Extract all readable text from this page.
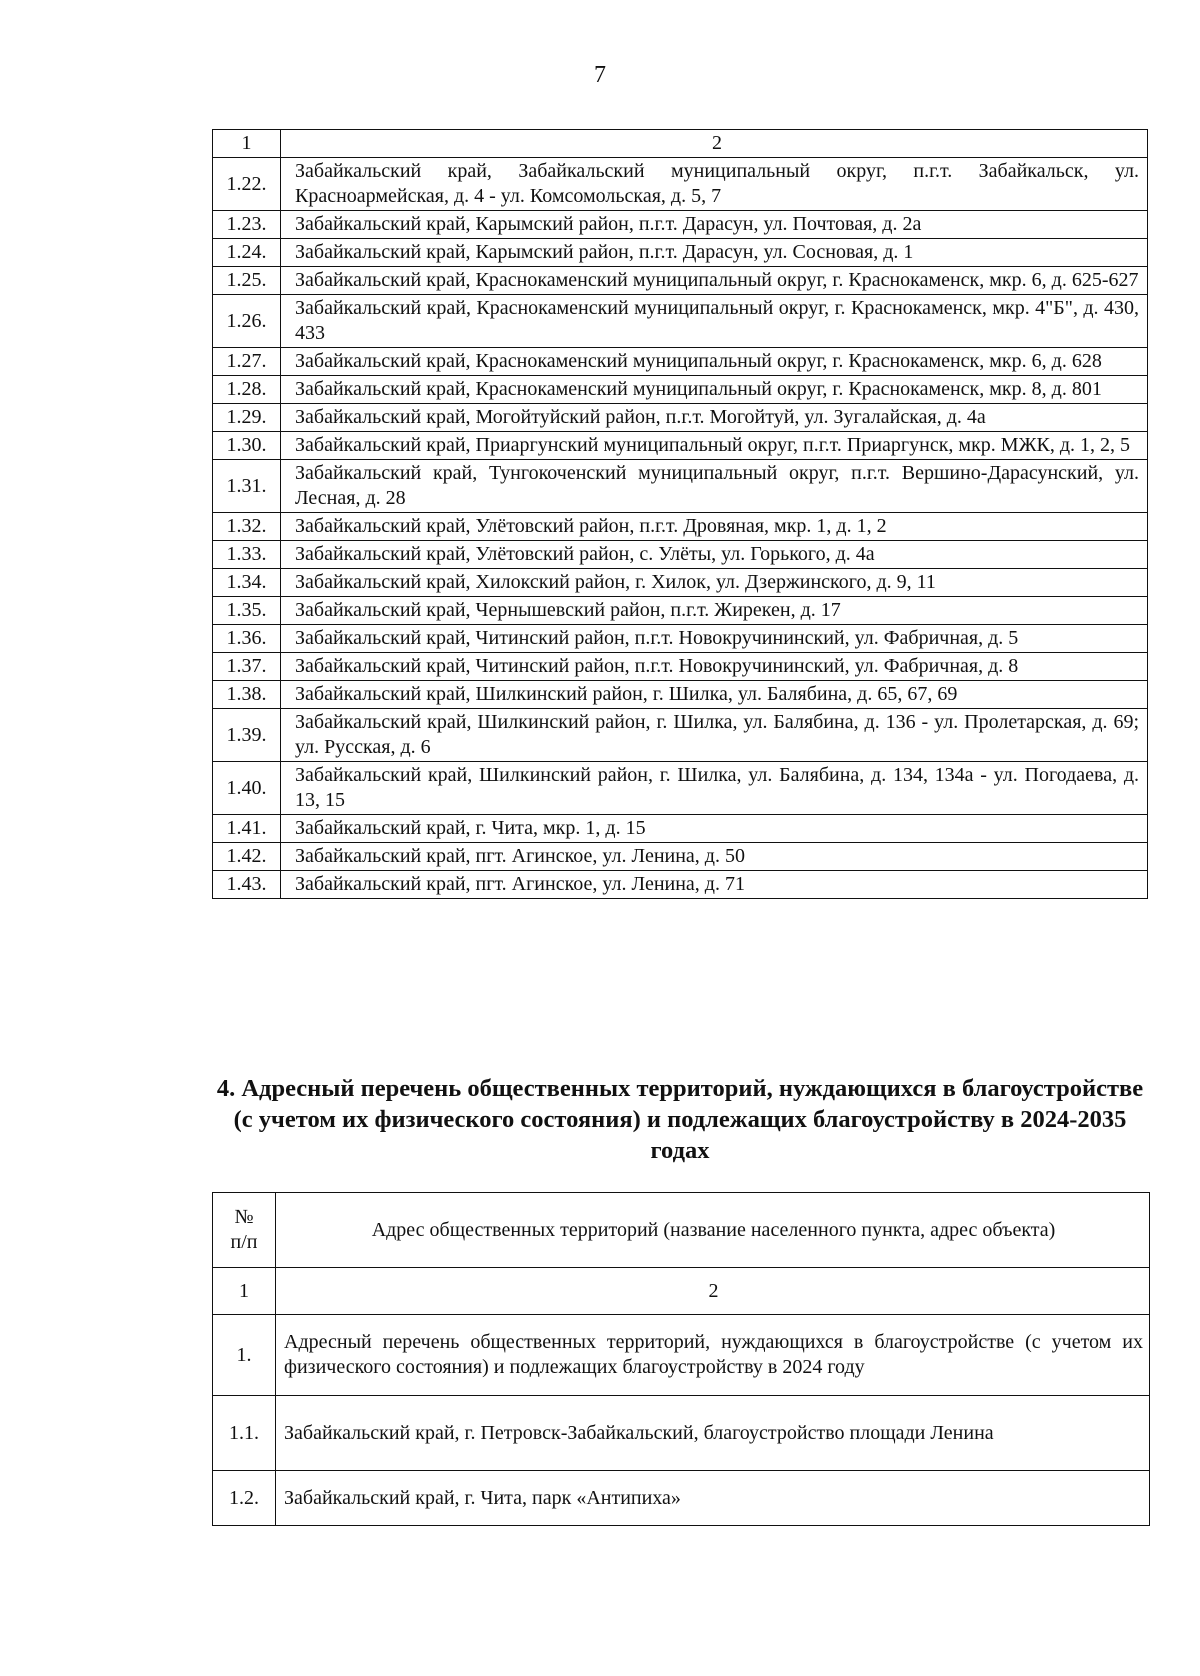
7
1	2
1.22.	Забайкальский край, Забайкальский муниципальный округ, п.г.т. Забайкальск, ул. Красноармейская, д. 4 - ул. Комсомольская, д. 5, 7
1.23.	Забайкальский край, Карымский район, п.г.т. Дарасун, ул. Почтовая, д. 2а
1.24.	Забайкальский край, Карымский район, п.г.т. Дарасун, ул. Сосновая, д. 1
1.25.	Забайкальский край, Краснокаменский муниципальный округ, г. Краснокаменск, мкр. 6, д. 625-627
1.26.	Забайкальский край, Краснокаменский муниципальный округ, г. Краснокаменск, мкр. 4"Б", д. 430, 433
1.27.	Забайкальский край, Краснокаменский муниципальный округ, г. Краснокаменск, мкр. 6, д. 628
1.28.	Забайкальский край, Краснокаменский муниципальный округ, г. Краснокаменск, мкр. 8, д. 801
1.29.	Забайкальский край, Могойтуйский район, п.г.т. Могойтуй, ул. Зугалайская, д. 4а
1.30.	Забайкальский край, Приаргунский муниципальный округ, п.г.т. Приаргунск, мкр. МЖК, д. 1, 2, 5
1.31.	Забайкальский край, Тунгокоченский муниципальный округ, п.г.т. Вершино-Дарасунский, ул. Лесная, д. 28
1.32.	Забайкальский край, Улётовский район, п.г.т. Дровяная, мкр. 1, д. 1, 2
1.33.	Забайкальский край, Улётовский район, с. Улёты, ул. Горького, д. 4а
1.34.	Забайкальский край, Хилокский район, г. Хилок, ул. Дзержинского, д. 9, 11
1.35.	Забайкальский край, Чернышевский район, п.г.т. Жирекен, д. 17
1.36.	Забайкальский край, Читинский район, п.г.т. Новокручининский, ул. Фабричная, д. 5
1.37.	Забайкальский край, Читинский район, п.г.т. Новокручининский, ул. Фабричная, д. 8
1.38.	Забайкальский край, Шилкинский район, г. Шилка, ул. Балябина, д. 65, 67, 69
1.39.	Забайкальский край, Шилкинский район, г. Шилка, ул. Балябина, д. 136 - ул. Пролетарская, д. 69; ул. Русская, д. 6
1.40.	Забайкальский край, Шилкинский район, г. Шилка, ул. Балябина, д. 134, 134а - ул. Погодаева, д. 13, 15
1.41.	Забайкальский край, г. Чита, мкр. 1, д. 15
1.42.	Забайкальский край, пгт. Агинское, ул. Ленина, д. 50
1.43.	Забайкальский край, пгт. Агинское, ул. Ленина, д. 71
4. Адресный перечень общественных территорий, нуждающихся в благоустройстве (с учетом их физического состояния) и подлежащих благоустройству в 2024-2035 годах
№
п/п	Адрес общественных территорий (название населенного пункта, адрес объекта)
1	2
1.	Адресный перечень общественных территорий, нуждающихся в благоустройстве (с учетом их физического состояния) и подлежащих благоустройству в 2024 году
1.1.	Забайкальский край, г. Петровск-Забайкальский, благоустройство площади Ленина
1.2.	Забайкальский край, г. Чита, парк «Антипиха»
